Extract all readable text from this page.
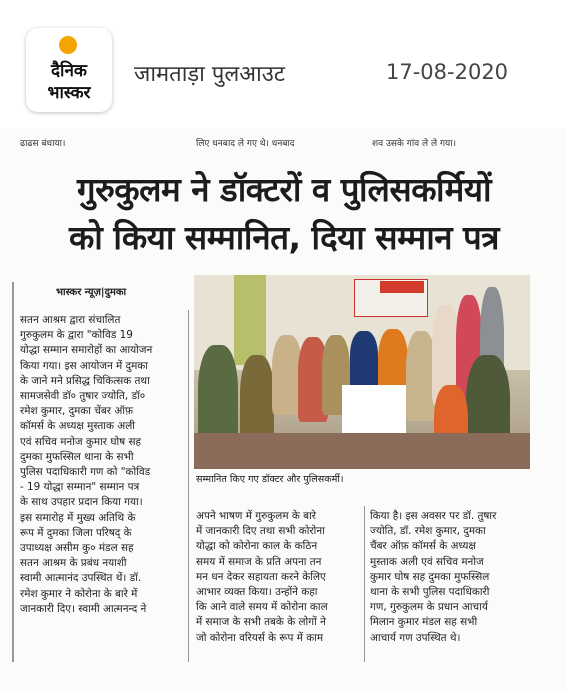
दैनिक
भास्कर
जामताड़ा पुलआउट	17-08-2020
ढाढस बंधाया।	लिए धनबाद ले गए थे। धनबाद	शव उसके गांव ले ले गया।
गुरुकुलम ने डॉक्टरों व पुलिसकर्मियों
को किया सम्मानित, दिया सम्मान पत्र
भास्कर न्यूज़|दुमका
सम्मानित किए गए डॉक्टर और पुलिसकर्मी।
सतन आश्रम द्वारा संचालित
गुरुकुलम के द्वारा "कोविड 19
योद्धा सम्मान समारोहों का आयोजन
किया गया। इस आयोजन में दुमका
के जाने मने प्रसिद्ध चिकित्सक तथा
सामजसेवी डॉ० तुषार ज्योति, डॉ०
रमेश कुमार, दुमका चेंबर ऑफ़
कॉमर्स के अध्यक्ष मुस्ताक अली
एवं सचिव मनोज कुमार घोष सह
दुमका मुफस्सिल थाना के सभी
पुलिस पदाधिकारी गण को "कोविड
- 19 योद्धा सम्मान" सम्मान पत्र
के साथ उपहार प्रदान किया गया।
इस समारोह में मुख्य अतिथि के
रूप में दुमका जिला परिषद् के
उपाध्यक्ष असीम कु० मंडल सह
सतन आश्रम के प्रबंध नयाशी
स्वामी आत्मानंद उपस्थित थें। डॉ.
रमेश कुमार ने कोरोना के बारे में
जानकारी दिए। स्वामी आत्मनन्द ने
अपने भाषण में गुरुकुलम के बारे
में जानकारी दिए तथा सभी कोरोना
योद्धा को कोरोना काल के कठिन
समय में समाज के प्रति अपना तन
मन धन देकर सहायता करने केलिए
आभार व्यक्त किया। उन्होंने कहा
कि आने वाले समय में कोरोना काल
में समाज के सभी तबके के लोगों ने
जो कोरोना वरियर्स के रूप में काम
किया है। इस अवसर पर डॉ. तुषार
ज्योति, डॉ. रमेश कुमार, दुमका
चैंबर ऑफ़ कॉमर्स के अध्यक्ष
मुस्ताक अली एवं सचिव मनोज
कुमार घोष सह दुमका मुफस्सिल
थाना के सभी पुलिस पदाधिकारी
गण, गुरुकुलम के प्रधान आचार्य
मिलान कुमार मंडल सह सभी
आचार्य गण उपस्थित थे।
